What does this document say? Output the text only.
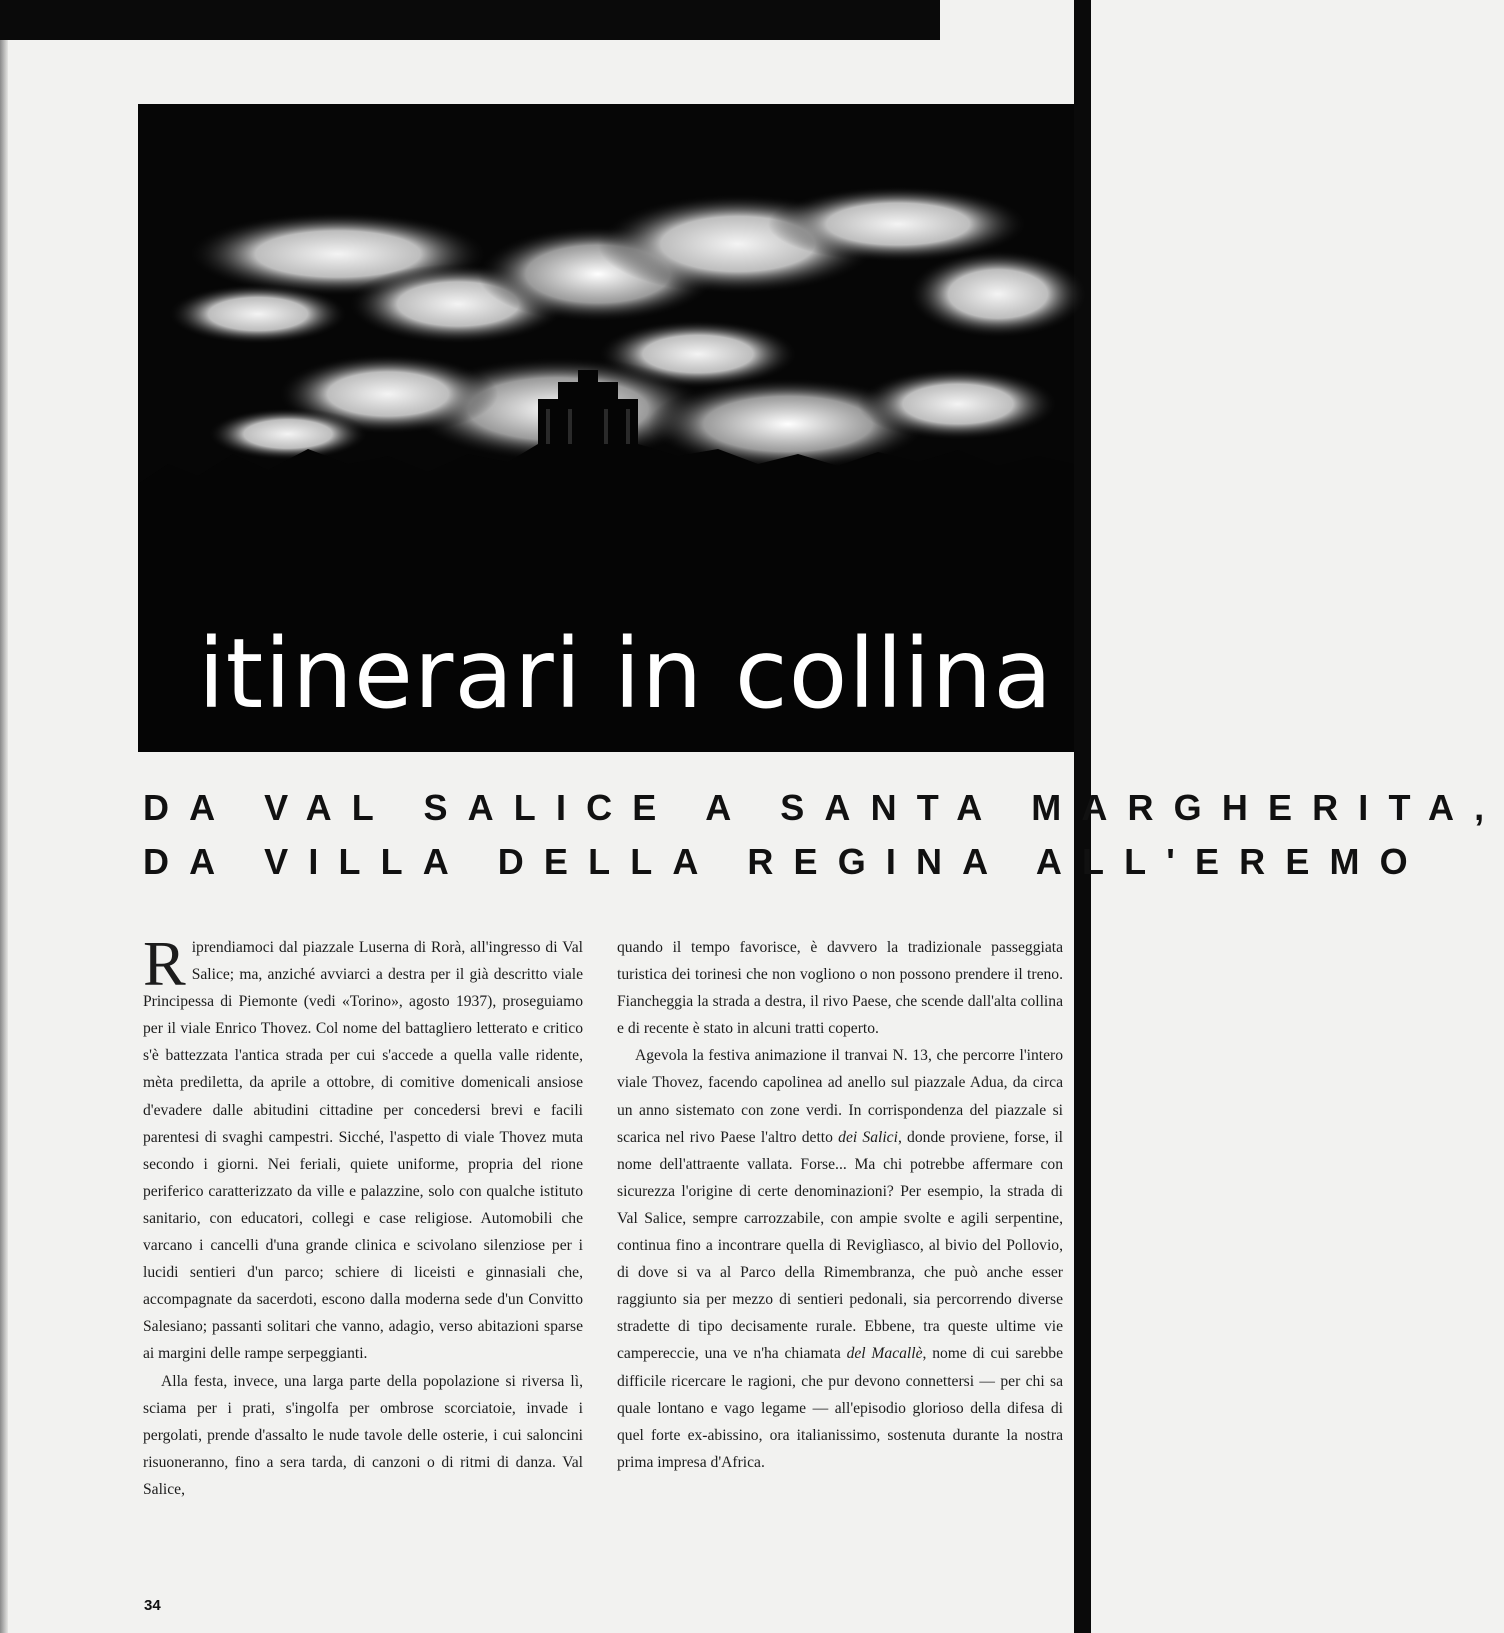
itinerari in collina
DA VAL SALICE A SANTA MARGHERITA,
DA VILLA DELLA REGINA ALL'EREMO

Riprendiamoci dal piazzale Luserna di Rorà, all'ingresso di Val Salice; ma, anziché avviarci a destra per il già descritto viale Principessa di Piemonte (vedi «Torino», agosto 1937), proseguiamo per il viale Enrico Thovez. Col nome del battagliero letterato e critico s'è battezzata l'antica strada per cui s'accede a quella valle ridente, mèta prediletta, da aprile a ottobre, di comitive domenicali ansiose d'evadere dalle abitudini cittadine per concedersi brevi e facili parentesi di svaghi campestri. Sicché, l'aspetto di viale Thovez muta secondo i giorni. Nei feriali, quiete uniforme, propria del rione periferico caratterizzato da ville e palazzine, solo con qualche istituto sanitario, con educatori, collegi e case religiose. Automobili che varcano i cancelli d'una grande clinica e scivolano silenziose per i lucidi sentieri d'un parco; schiere di liceisti e ginnasiali che, accompagnate da sacerdoti, escono dalla moderna sede d'un Convitto Salesiano; passanti solitari che vanno, adagio, verso abitazioni sparse ai margini delle rampe serpeggianti.

Alla festa, invece, una larga parte della popolazione si riversa lì, sciama per i prati, s'ingolfa per ombrose scorciatoie, invade i pergolati, prende d'assalto le nude tavole delle osterie, i cui saloncini risuoneranno, fino a sera tarda, di canzoni o di ritmi di danza. Val Salice,

quando il tempo favorisce, è davvero la tradizionale passeggiata turistica dei torinesi che non vogliono o non possono prendere il treno. Fiancheggia la strada a destra, il rivo Paese, che scende dall'alta collina e di recente è stato in alcuni tratti coperto.

Agevola la festiva animazione il tranvai N. 13, che percorre l'intero viale Thovez, facendo capolinea ad anello sul piazzale Adua, da circa un anno sistemato con zone verdi. In corrispondenza del piazzale si scarica nel rivo Paese l'altro detto dei Salici, donde proviene, forse, il nome dell'attraente vallata. Forse... Ma chi potrebbe affermare con sicurezza l'origine di certe denominazioni? Per esempio, la strada di Val Salice, sempre carrozzabile, con ampie svolte e agili serpentine, continua fino a incontrare quella di Reviglìasco, al bivio del Pollovio, di dove si va al Parco della Rimembranza, che può anche esser raggiunto sia per mezzo di sentieri pedonali, sia percorrendo diverse stradette di tipo decisamente rurale. Ebbene, tra queste ultime vie campereccie, una ve n'ha chiamata del Macallè, nome di cui sarebbe difficile ricercare le ragioni, che pur devono connettersi — per chi sa quale lontano e vago legame — all'episodio glorioso della difesa di quel forte ex-abissino, ora italianissimo, sostenuta durante la nostra prima impresa d'Africa.

34
